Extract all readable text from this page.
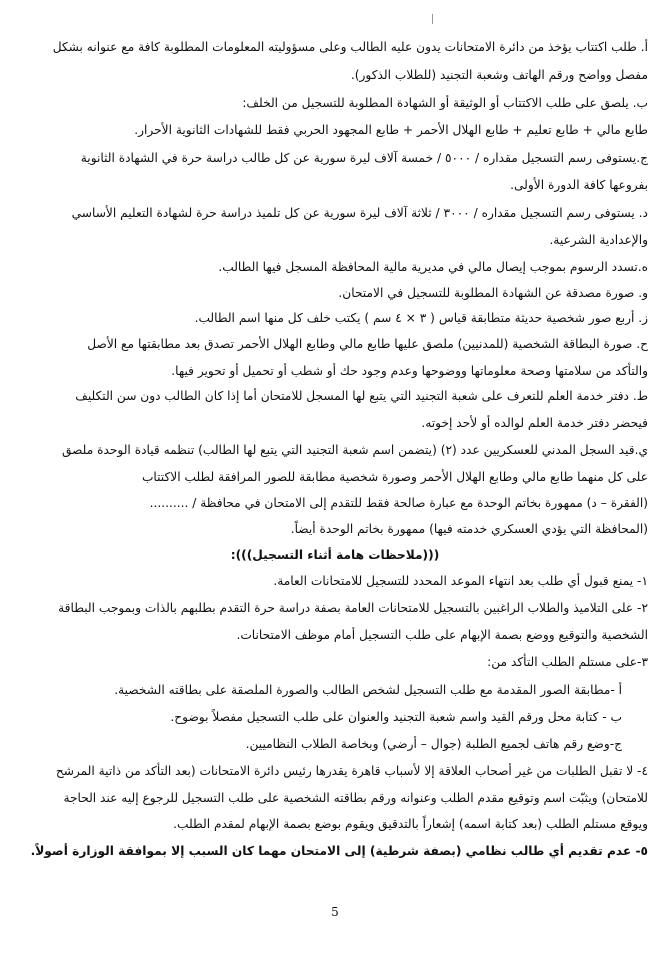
أ. طلب اكتتاب يؤخذ من دائرة الامتحانات يدون عليه الطالب وعلى مسؤوليته المعلومات المطلوبة كافة مع عنوانه بشكل
مفصل وواضح ورقم الهاتف وشعبة التجنيد (للطلاب الذكور).
ب. يلصق على طلب الاكتتاب أو الوثيقة أو الشهادة المطلوبة للتسجيل من الخلف:
طابع مالي + طابع تعليم + طابع الهلال الأحمر + طابع المجهود الحربي فقط للشهادات الثانوية الأحرار.
ج.يستوفى رسم التسجيل مقداره / ٥٠٠٠ / خمسة آلاف ليرة سورية عن كل طالب دراسة حرة في الشهادة الثانوية
بفروعها كافة الدورة الأولى.
د. يستوفى رسم التسجيل مقداره / ٣٠٠٠ / ثلاثة آلاف ليرة سورية عن كل تلميذ دراسة حرة لشهادة التعليم الأساسي
والإعدادية الشرعية.
ه.تسدد الرسوم بموجب إيصال مالي في مديرية مالية المحافظة المسجل فيها الطالب.
و. صورة مصدقة عن الشهادة المطلوبة للتسجيل في الامتحان.
ز. أربع صور شخصية حديثة متطابقة قياس ( ٣ × ٤ سم ) يكتب خلف كل منها اسم الطالب.
ح. صورة البطاقة الشخصية (للمدنيين) ملصق عليها طابع مالي وطابع الهلال الأحمر تصدق بعد مطابقتها مع الأصل
والتأكد من سلامتها وصحة معلوماتها ووضوحها وعدم وجود حك أو شطب أو تحميل أو تحوير فيها.
ط. دفتر خدمة العلم للتعرف على شعبة التجنيد التي يتبع لها المسجل للامتحان أما إذا كان الطالب دون سن التكليف
فيحضر دفتر خدمة العلم لوالده أو لأحد إخوته.
ي.قيد السجل المدني للعسكريين عدد (٢) (يتضمن اسم شعبة التجنيد التي يتبع لها الطالب) تنظمه قيادة الوحدة ملصق
على كل منهما طابع مالي وطابع الهلال الأحمر وصورة شخصية مطابقة للصور المرافقة لطلب الاكتتاب
(الفقرة – د) ممهورة بخاتم الوحدة مع عبارة صالحة فقط للتقدم إلى الامتحان في محافظة / ..........
(المحافظة التي يؤدي العسكري خدمته فيها) ممهورة بخاتم الوحدة أيضاً.
(((ملاحظات هامة أثناء التسجيل))):
١- يمنع قبول أي طلب بعد انتهاء الموعد المحدد للتسجيل للامتحانات العامة.
٢- على التلاميذ والطلاب الراغبين بالتسجيل للامتحانات العامة بصفة دراسة حرة التقدم بطلبهم بالذات وبموجب البطاقة
الشخصية والتوقيع ووضع بصمة الإبهام على طلب التسجيل أمام موظف الامتحانات.
٣-على مستلم الطلب التأكد من:
أ -مطابقة الصور المقدمة مع طلب التسجيل لشخص الطالب والصورة الملصقة على بطاقته الشخصية.
ب - كتابة محل ورقم القيد واسم شعبة التجنيد والعنوان على طلب التسجيل مفصلاً بوضوح.
ج-وضع رقم هاتف لجميع الطلبة (جوال – أرضي) وبخاصة الطلاب النظاميين.
٤- لا تقبل الطلبات من غير أصحاب العلاقة إلا لأسباب قاهرة يقدرها رئيس دائرة الامتحانات (بعد التأكد من ذاتية المرشح
للامتحان) ويثبّت اسم وتوقيع مقدم الطلب وعنوانه ورقم بطاقته الشخصية على طلب التسجيل للرجوع إليه عند الحاجة
ويوقع مستلم الطلب (بعد كتابة اسمه) إشعاراً بالتدقيق ويقوم بوضع بصمة الإبهام لمقدم الطلب.
٥- عدم تقديم أي طالب نظامي (بصفة شرطية) إلى الامتحان مهما كان السبب إلا بموافقة الوزارة أصولاً.
5
